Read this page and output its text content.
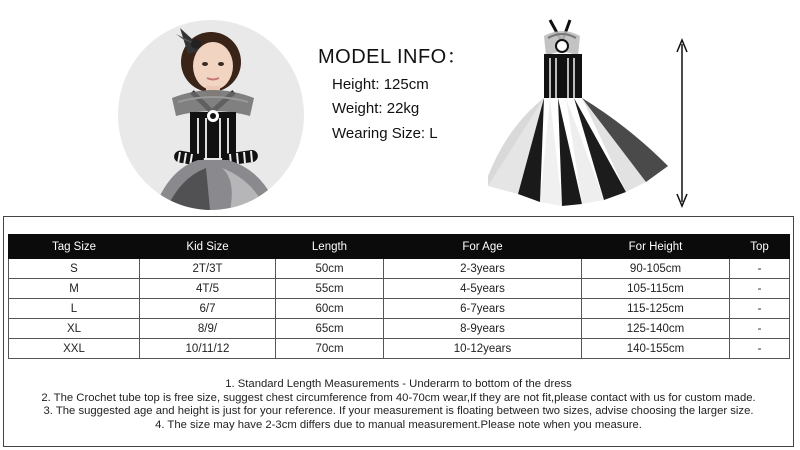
MODEL INFO：
Height: 125cm
Weight: 22kg
Wearing Size: L
Tag Size	Kid Size	Length	For Age	For Height	Top
S	2T/3T	50cm	2-3years	90-105cm	-
M	4T/5	55cm	4-5years	105-115cm	-
L	6/7	60cm	6-7years	115-125cm	-
XL	8/9/	65cm	8-9years	125-140cm	-
XXL	10/11/12	70cm	10-12years	140-155cm	-
1. Standard Length Measurements - Underarm to bottom of the dress
2. The Crochet tube top is free size, suggest chest circumference from 40-70cm wear,If they are not fit,please contact with us for custom made.
3. The suggested age and height is just for your reference. If your measurement is floating between two sizes, advise choosing the larger size.
4. The size may have 2-3cm differs due to manual measurement.Please note when you measure.
